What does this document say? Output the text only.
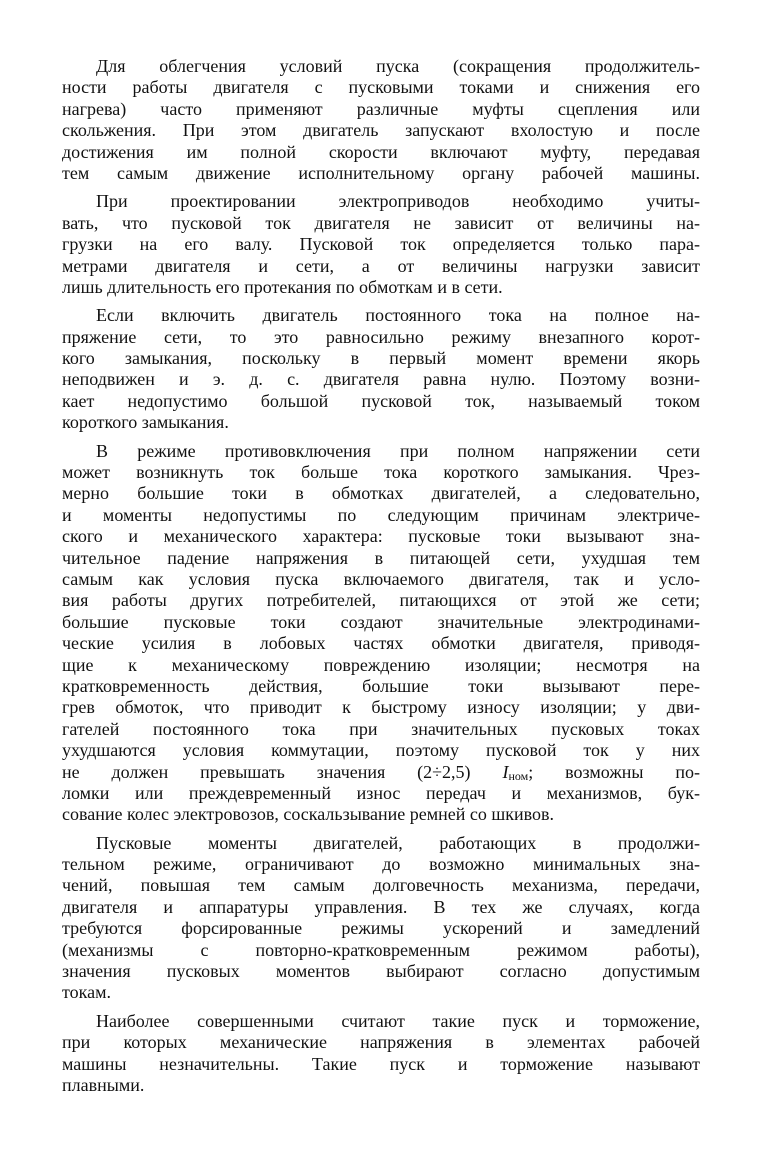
Для облегчения условий пуска (сокращения продолжитель-
ности работы двигателя с пусковыми токами и снижения его
нагрева) часто применяют различные муфты сцепления или
скольжения. При этом двигатель запускают вхолостую и после
достижения им полной скорости включают муфту, передавая
тем самым движение исполнительному органу рабочей машины.
При проектировании электроприводов необходимо учиты-
вать, что пусковой ток двигателя не зависит от величины на-
грузки на его валу. Пусковой ток определяется только пара-
метрами двигателя и сети, а от величины нагрузки зависит
лишь длительность его протекания по обмоткам и в сети.
Если включить двигатель постоянного тока на полное на-
пряжение сети, то это равносильно режиму внезапного корот-
кого замыкания, поскольку в первый момент времени якорь
неподвижен и э. д. с. двигателя равна нулю. Поэтому возни-
кает недопустимо большой пусковой ток, называемый током
короткого замыкания.
В режиме противовключения при полном напряжении сети
может возникнуть ток больше тока короткого замыкания. Чрез-
мерно большие токи в обмотках двигателей, а следовательно,
и моменты недопустимы по следующим причинам электриче-
ского и механического характера: пусковые токи вызывают зна-
чительное падение напряжения в питающей сети, ухудшая тем
самым как условия пуска включаемого двигателя, так и усло-
вия работы других потребителей, питающихся от этой же сети;
большие пусковые токи создают значительные электродинами-
ческие усилия в лобовых частях обмотки двигателя, приводя-
щие к механическому повреждению изоляции; несмотря на
кратковременность действия, большие токи вызывают пере-
грев обмоток, что приводит к быстрому износу изоляции; у дви-
гателей постоянного тока при значительных пусковых токах
ухудшаются условия коммутации, поэтому пусковой ток у них
не должен превышать значения (2÷2,5) Iном; возможны по-
ломки или преждевременный износ передач и механизмов, бук-
сование колес электровозов, соскальзывание ремней со шкивов.
Пусковые моменты двигателей, работающих в продолжи-
тельном режиме, ограничивают до возможно минимальных зна-
чений, повышая тем самым долговечность механизма, передачи,
двигателя и аппаратуры управления. В тех же случаях, когда
требуются форсированные режимы ускорений и замедлений
(механизмы с повторно-кратковременным режимом работы),
значения пусковых моментов выбирают согласно допустимым
токам.
Наиболее совершенными считают такие пуск и торможение,
при которых механические напряжения в элементах рабочей
машины незначительны. Такие пуск и торможение называют
плавными.
